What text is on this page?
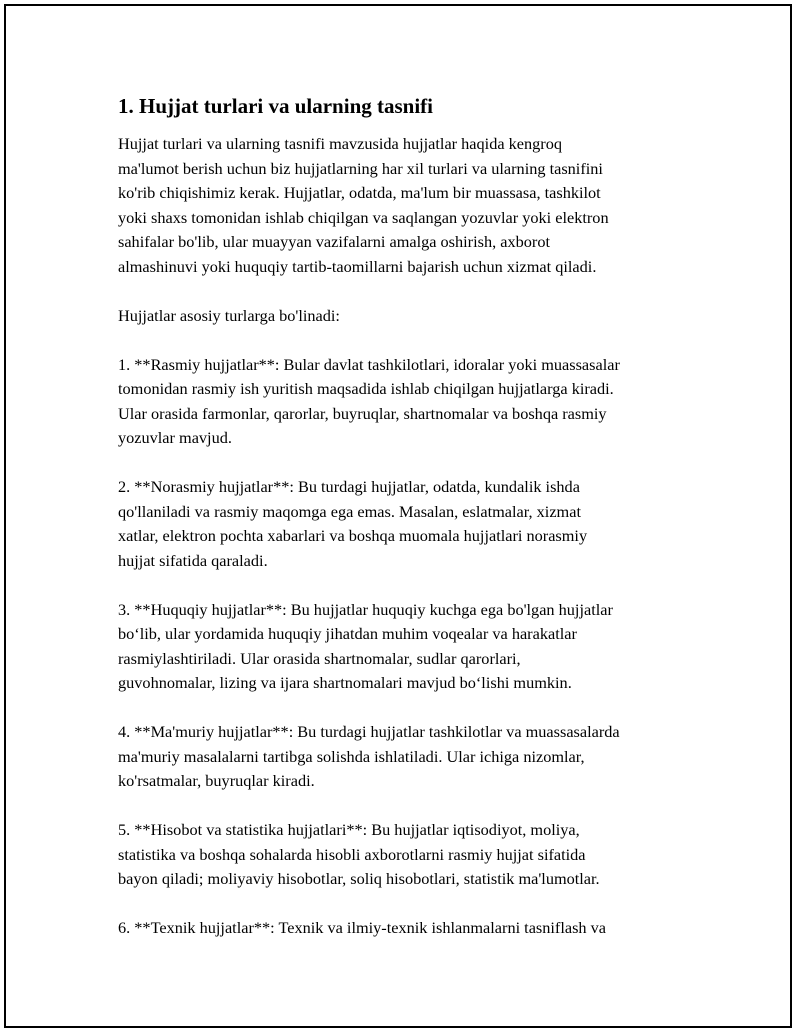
1. Hujjat turlari va ularning tasnifi

Hujjat turlari va ularning tasnifi mavzusida hujjatlar haqida kengroq
ma'lumot berish uchun biz hujjatlarning har xil turlari va ularning tasnifini
ko'rib chiqishimiz kerak. Hujjatlar, odatda, ma'lum bir muassasa, tashkilot
yoki shaxs tomonidan ishlab chiqilgan va saqlangan yozuvlar yoki elektron
sahifalar bo'lib, ular muayyan vazifalarni amalga oshirish, axborot
almashinuvi yoki huquqiy tartib-taomillarni bajarish uchun xizmat qiladi.

Hujjatlar asosiy turlarga bo'linadi:

1. **Rasmiy hujjatlar**: Bular davlat tashkilotlari, idoralar yoki muassasalar
tomonidan rasmiy ish yuritish maqsadida ishlab chiqilgan hujjatlarga kiradi.
Ular orasida farmonlar, qarorlar, buyruqlar, shartnomalar va boshqa rasmiy
yozuvlar mavjud.

2. **Norasmiy hujjatlar**: Bu turdagi hujjatlar, odatda, kundalik ishda
qo'llaniladi va rasmiy maqomga ega emas. Masalan, eslatmalar, xizmat
xatlar, elektron pochta xabarlari va boshqa muomala hujjatlari norasmiy
hujjat sifatida qaraladi.

3. **Huquqiy hujjatlar**: Bu hujjatlar huquqiy kuchga ega bo'lgan hujjatlar
bo‘lib, ular yordamida huquqiy jihatdan muhim voqealar va harakatlar
rasmiylashtiriladi. Ular orasida shartnomalar, sudlar qarorlari,
guvohnomalar, lizing va ijara shartnomalari mavjud bo‘lishi mumkin.

4. **Ma'muriy hujjatlar**: Bu turdagi hujjatlar tashkilotlar va muassasalarda
ma'muriy masalalarni tartibga solishda ishlatiladi. Ular ichiga nizomlar,
ko'rsatmalar, buyruqlar kiradi.

5. **Hisobot va statistika hujjatlari**: Bu hujjatlar iqtisodiyot, moliya,
statistika va boshqa sohalarda hisobli axborotlarni rasmiy hujjat sifatida
bayon qiladi; moliyaviy hisobotlar, soliq hisobotlari, statistik ma'lumotlar.

6. **Texnik hujjatlar**: Texnik va ilmiy-texnik ishlanmalarni tasniflash va
